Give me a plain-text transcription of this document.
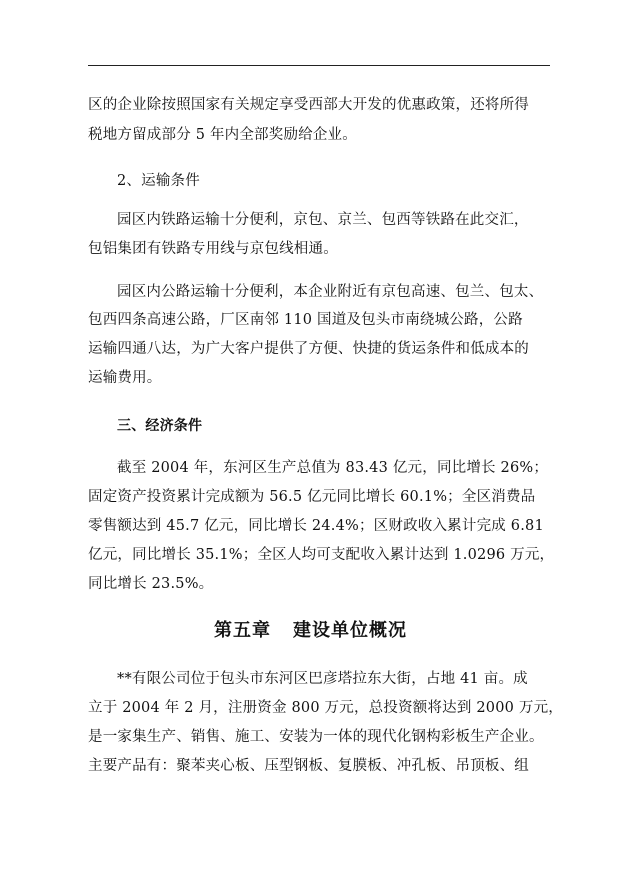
区的企业除按照国家有关规定享受西部大开发的优惠政策，还将所得
税地方留成部分 5 年内全部奖励给企业。
2、运输条件
园区内铁路运输十分便利，京包、京兰、包西等铁路在此交汇，
包铝集团有铁路专用线与京包线相通。
园区内公路运输十分便利，本企业附近有京包高速、包兰、包太、
包西四条高速公路，厂区南邻 110 国道及包头市南绕城公路，公路
运输四通八达，为广大客户提供了方便、快捷的货运条件和低成本的
运输费用。
三、经济条件
截至 2004 年，东河区生产总值为 83.43 亿元，同比增长 26%；
固定资产投资累计完成额为 56.5 亿元同比增长 60.1%；全区消费品
零售额达到 45.7 亿元，同比增长 24.4%；区财政收入累计完成 6.81
亿元，同比增长 35.1%；全区人均可支配收入累计达到 1.0296 万元，
同比增长 23.5%。
第五章 建设单位概况
**有限公司位于包头市东河区巴彦塔拉东大街，占地 41 亩。成
立于 2004 年 2 月，注册资金 800 万元，总投资额将达到 2000 万元，
是一家集生产、销售、施工、安装为一体的现代化钢构彩板生产企业。
主要产品有：聚苯夹心板、压型钢板、复膜板、冲孔板、吊顶板、组
